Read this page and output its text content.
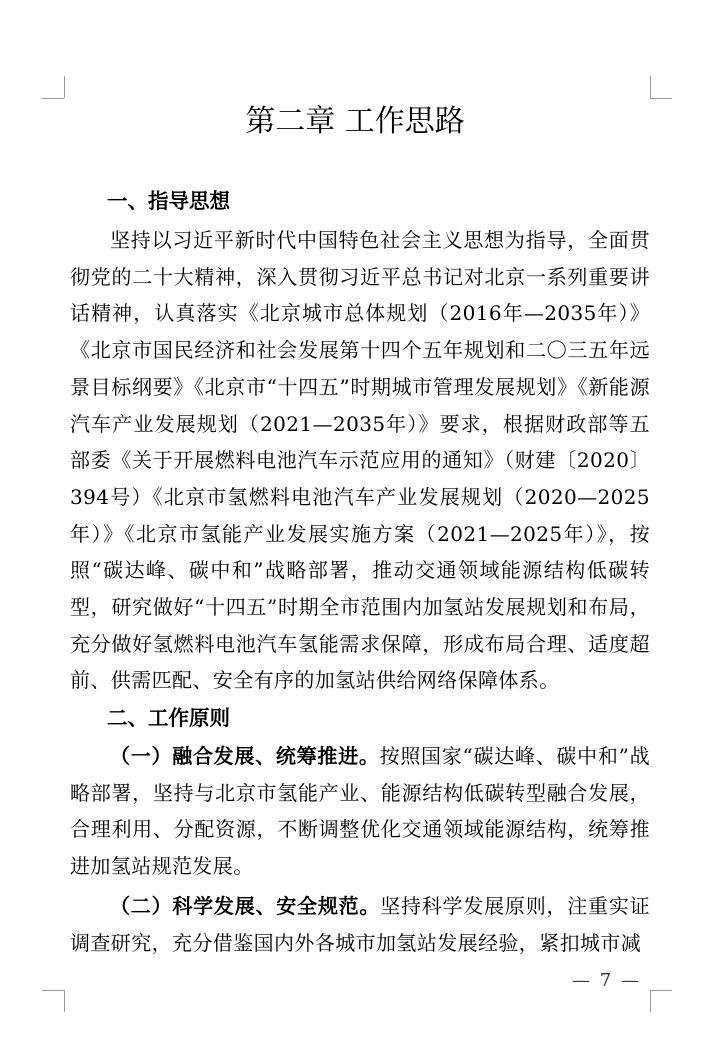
第二章 工作思路
一、指导思想

坚持以习近平新时代中国特色社会主义思想为指导，全面贯彻党的二十大精神，深入贯彻习近平总书记对北京一系列重要讲话精神，认真落实《北京城市总体规划（2016年—2035年）》《北京市国民经济和社会发展第十四个五年规划和二〇三五年远景目标纲要》《北京市“十四五”时期城市管理发展规划》《新能源汽车产业发展规划（2021—2035年）》要求，根据财政部等五部委《关于开展燃料电池汽车示范应用的通知》（财建〔2020〕394号）《北京市氢燃料电池汽车产业发展规划（2020—2025年）》《北京市氢能产业发展实施方案（2021—2025年）》，按照“碳达峰、碳中和”战略部署，推动交通领域能源结构低碳转型，研究做好“十四五”时期全市范围内加氢站发展规划和布局，充分做好氢燃料电池汽车氢能需求保障，形成布局合理、适度超前、供需匹配、安全有序的加氢站供给网络保障体系。

二、工作原则

（一）融合发展、统筹推进。按照国家“碳达峰、碳中和”战略部署，坚持与北京市氢能产业、能源结构低碳转型融合发展，合理利用、分配资源，不断调整优化交通领域能源结构，统筹推进加氢站规范发展。

（二）科学发展、安全规范。坚持科学发展原则，注重实证调查研究，充分借鉴国内外各城市加氢站发展经验，紧扣城市减

— 7 —
